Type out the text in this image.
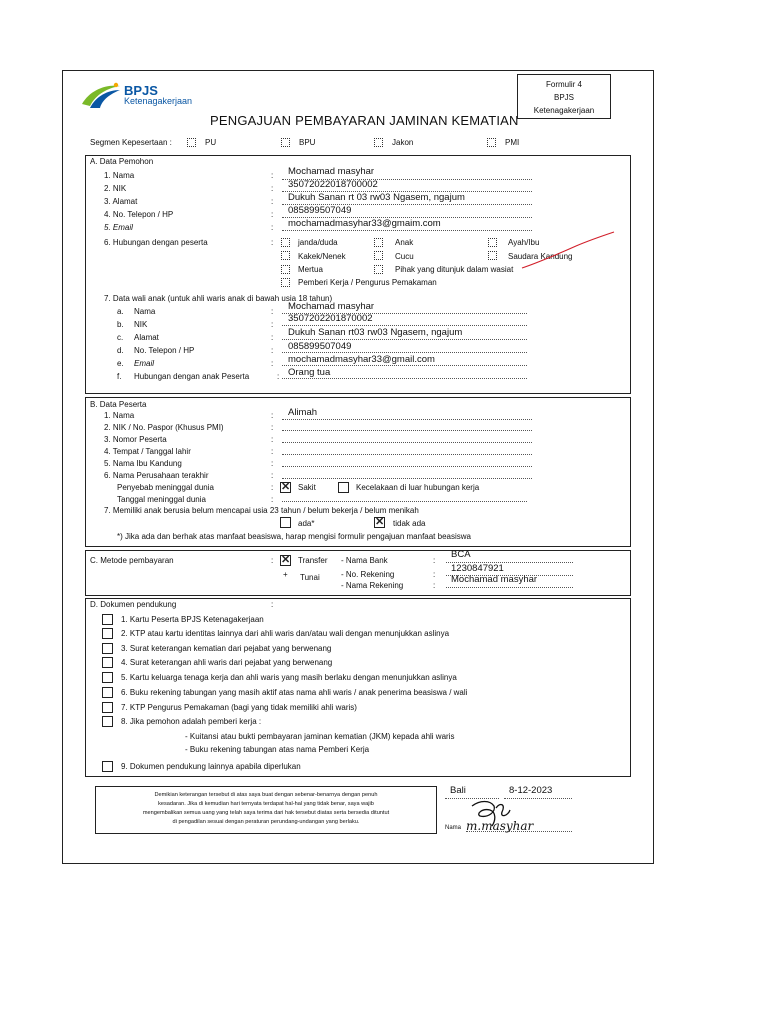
BPJS
Ketenagakerjaan
Formulir 4
BPJS
Ketenagakerjaan
PENGAJUAN PEMBAYARAN JAMINAN KEMATIAN
Segmen Kepesertaan :	PU	BPU	Jakon	PMI
A. Data Pemohon
1. Nama	: Mochamad masyhar
2. NIK	: 35072022018700002
3. Alamat	: Dukuh Sanan rt 03 rw03 Ngasem, ngajum
4. No. Telepon / HP	: 085899507049
5. Email	: mochamadmasyhar33@gmaim.com
6. Hubungan dengan peserta	:	janda/duda	Anak	Ayah/Ibu
Kakek/Nenek	Cucu	Saudara Kandung
Mertua	Pihak yang ditunjuk dalam wasiat
Pemberi Kerja / Pengurus Pemakaman
7. Data wali anak (untuk ahli waris anak di bawah usia 18 tahun)
a. Nama	: Mochamad masyhar
b. NIK	:
3507202201870002
c. Alamat	: Dukuh Sanan rt03 rw03 Ngasem, ngajum
d. No. Telepon / HP	: 085899507049
e. Email	: mochamadmasyhar33@gmail.com
f. Hubungan dengan anak Peserta	: Orang tua
B. Data Peserta
1. Nama	: Alimah
2. NIK / No. Paspor (Khusus PMI)	:
3. Nomor Peserta	:
4. Tempat / Tanggal lahir	:
5. Nama Ibu Kandung	:
6. Nama Perusahaan terakhir	:
Penyebab meninggal dunia	: ✕ Sakit	Kecelakaan di luar hubungan kerja
Tanggal meninggal dunia	:
7. Memiliki anak berusia belum mencapai usia 23 tahun / belum bekerja / belum menikah
ada*	✕ tidak ada
*) Jika ada dan berhak atas manfaat beasiswa, harap mengisi formulir pengajuan manfaat beasiswa
C. Metode pembayaran	: ✕ Transfer
+ Tunai
- Nama Bank	:
BCA
- No. Rekening	:
1230847921
- Nama Rekening	:
Mochamad masyhar
D. Dokumen pendukung	:
1. Kartu Peserta BPJS Ketenagakerjaan
2. KTP atau kartu identitas lainnya dari ahli waris dan/atau wali dengan menunjukkan aslinya
3. Surat keterangan kematian dari pejabat yang berwenang
4. Surat keterangan ahli waris dari pejabat yang berwenang
5. Kartu keluarga tenaga kerja dan ahli waris yang masih berlaku dengan menunjukkan aslinya
6. Buku rekening tabungan yang masih aktif atas nama ahli waris / anak penerima beasiswa / wali
7. KTP Pengurus Pemakaman (bagi yang tidak memiliki ahli waris)
8. Jika pemohon adalah pemberi kerja :
- Kuitansi atau bukti pembayaran jaminan kematian (JKM) kepada ahli waris
- Buku rekening tabungan atas nama Pemberi Kerja
9. Dokumen pendukung lainnya apabila diperlukan
Demikian keterangan tersebut di atas saya buat dengan sebenar-benarnya dengan penuh
kesadaran. Jika di kemudian hari ternyata terdapat hal-hal yang tidak benar, saya wajib
mengembalikan semua uang yang telah saya terima dari hak tersebut diatas serta bersedia dituntut
di pengadilan sesuai dengan peraturan perundang-undangan yang berlaku.
Bali	8-12-2023
Nama m.masyhar
